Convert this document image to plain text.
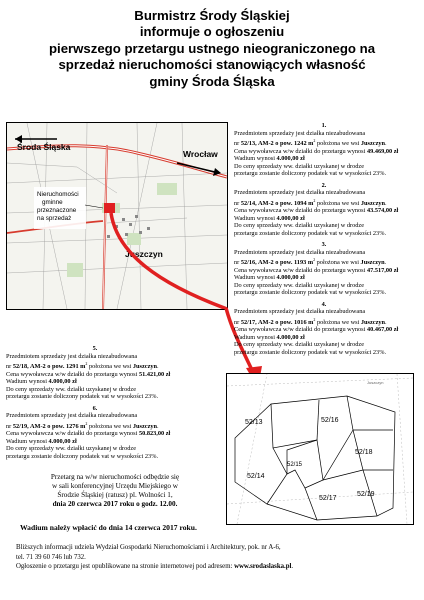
Burmistrz Środy Śląskiej
informuje o ogłoszeniu
pierwszego przetargu ustnego nieograniczonego na
sprzedaż nieruchomości stanowiących własność
gminy Środa Śląska
Środa Śląska
Wrocław
Juszczyn
Nieruchomości
gminne
przeznaczone
na sprzedaż
1.
Przedmiotem sprzedaży jest działka niezabudowana
nr 52/13, AM-2 o pow. 1242 $m^2$ położona we wsi Juszczyn.
Cena wywoławcza w/w działki do przetargu wynosi 49.469,00 zł
Wadium wynosi 4.000,00 zł
Do ceny sprzedaży ww. działki uzyskanej w drodze
przetargu zostanie doliczony podatek vat w wysokości 23%.
2.
Przedmiotem sprzedaży jest działka niezabudowana
nr 52/14, AM-2 o pow. 1094 $m^2$ położona we wsi Juszczyn.
Cena wywoławcza w/w działki do przetargu wynosi 43.574,00 zł
Wadium wynosi 4.000,00 zł
Do ceny sprzedaży ww. działki uzyskanej w drodze
przetargu zostanie doliczony podatek vat w wysokości 23%.
3.
Przedmiotem sprzedaży jest działka niezabudowana
nr 52/16, AM-2 o pow. 1193 $m^2$ położona we wsi Juszczyn.
Cena wywoławcza w/w działki do przetargu wynosi 47.517,00 zł
Wadium wynosi 4.000,00 zł
Do ceny sprzedaży ww. działki uzyskanej w drodze
przetargu zostanie doliczony podatek vat w wysokości 23%.
4.
Przedmiotem sprzedaży jest działka niezabudowana
nr 52/17, AM-2 o pow. 1016 $m^2$ położona we wsi Juszczyn.
Cena wywoławcza w/w działki do przetargu wynosi 40.467,00 zł
Wadium wynosi 4.000,00 zł
Do ceny sprzedaży ww. działki uzyskanej w drodze
przetargu zostanie doliczony podatek vat w wysokości 23%.
5.
Przedmiotem sprzedaży jest działka niezabudowana
nr 52/18, AM-2 o pow. 1291 $m^2$ położona we wsi Juszczyn.
Cena wywoławcza w/w działki do przetargu wynosi 51.421,00 zł
Wadium wynosi 4.000,00 zł
Do ceny sprzedaży ww. działki uzyskanej w drodze
przetargu zostanie doliczony podatek vat w wysokości 23%.
6.
Przedmiotem sprzedaży jest działka niezabudowana
nr 52/19, AM-2 o pow. 1276 $m^2$ położona we wsi Juszczyn.
Cena wywoławcza w/w działki do przetargu wynosi 50.823,00 zł
Wadium wynosi 4.000,00 zł
Do ceny sprzedaży ww. działki uzyskanej w drodze
przetargu zostanie doliczony podatek vat w wysokości 23%.
Juszczyn
52/13	52/16
52/15
52/14
52/18
52/17
52/19
Przetarg na w/w nieruchomości odbędzie się
w sali konferencyjnej Urzędu Miejskiego w
Środzie Śląskiej (ratusz) pl. Wolności 1,
dnia 20 czerwca 2017 roku o godz. 12.00.
Wadium należy wpłacić do dnia 14 czerwca 2017 roku.
Bliższych informacji udziela Wydział Gospodarki Nieruchomościami i Architektury, pok. nr A-6,
tel. 71 39 60 746 lub 732.
Ogłoszenie o przetargu jest opublikowane na stronie internetowej pod adresem: www.srodaslaska.pl.
